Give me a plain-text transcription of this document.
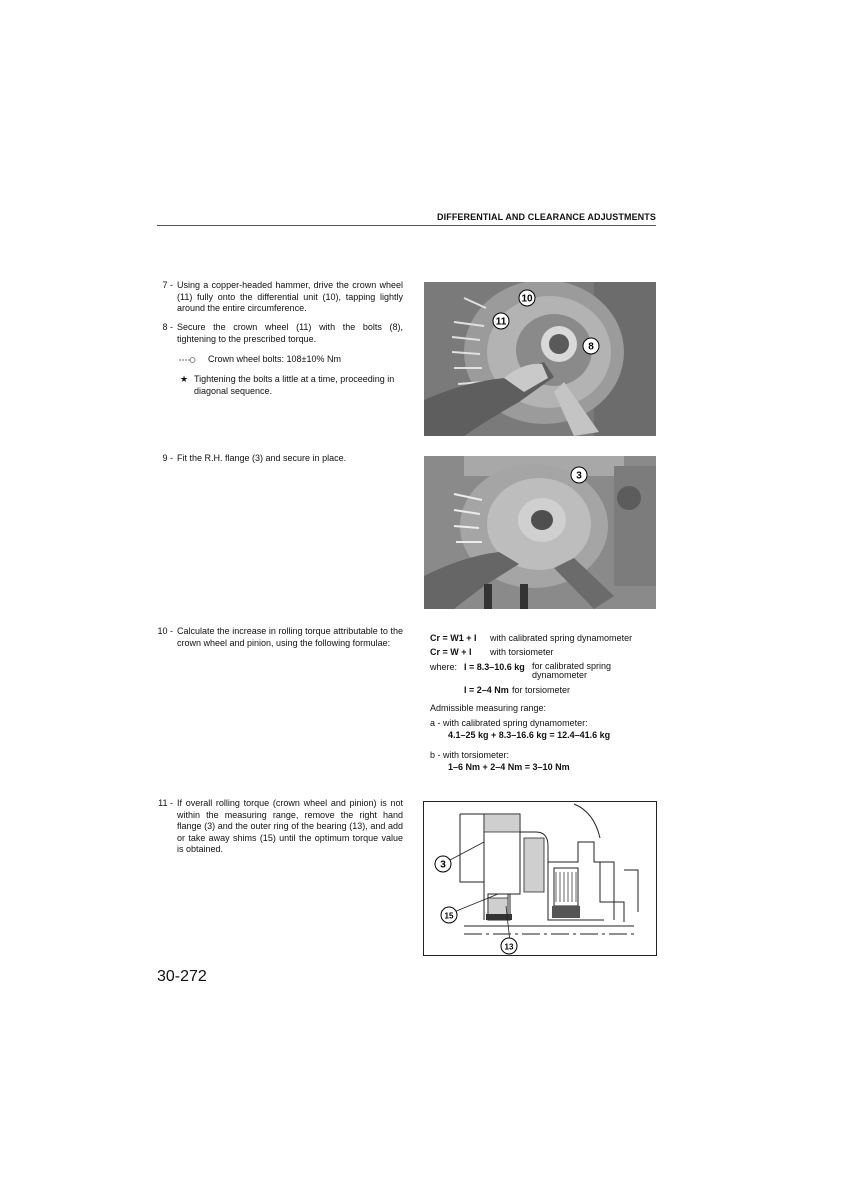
DIFFERENTIAL AND CLEARANCE ADJUSTMENTS
7 - Using a copper-headed hammer, drive the crown wheel (11) fully onto the differential unit (10), tapping lightly around the entire circumference.
8 - Secure the crown wheel (11) with the bolts (8), tightening to the prescribed torque.
Crown wheel bolts: 108±10% Nm
★ Tightening the bolts a little at a time, proceeding in diagonal sequence.
10
11
8
9 - Fit the R.H. flange (3) and secure in place.
3
10 - Calculate the increase in rolling torque attributable to the crown wheel and pinion, using the following formulae:	Cr = W1 + I with calibrated spring dynamometer
Cr = W + I with torsiometer
where: I = 8.3–10.6 kg for calibrated spring dynamometer
I = 2–4 Nm for torsiometer
Admissible measuring range:
a - with calibrated spring dynamometer:
4.1–25 kg + 8.3–16.6 kg = 12.4–41.6 kg
b - with torsiometer:
1–6 Nm + 2–4 Nm = 3–10 Nm
11 - If overall rolling torque (crown wheel and pinion) is not within the measuring range, remove the right hand flange (3) and the outer ring of the bearing (13), and add or take away shims (15) until the optimum torque value is obtained.

3
15
13
30-272
